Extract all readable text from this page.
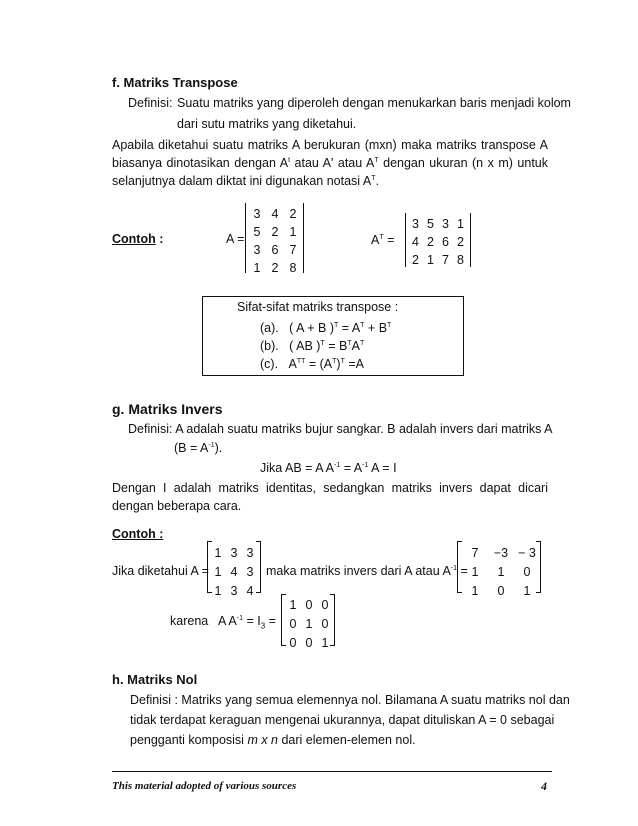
f. Matriks Transpose
Definisi: Suatu matriks yang diperoleh dengan menukarkan baris menjadi kolom
dari sutu matriks yang diketahui.
Apabila diketahui suatu matriks A berukuran (mxn) maka matriks transpose A biasanya dinotasikan dengan $A^t$ atau A' atau $A^T$ dengan ukuran (n x m) untuk selanjutnya dalam diktat ini digunakan notasi $A^T$.
Contoh :	A =
3 4 2
5 2 1
3 6 7
1 2 8
$A^T$ =
3 5 3 1
4 2 6 2
2 1 7 8
Sifat-sifat matriks transpose :
(a). ( A + B )$^T = A^T + B^T$
(b). ( AB )$^T = B^TA^T$
(c). $A^{TT} = (A^T)^T =A$
g. Matriks Invers
Definisi: A adalah suatu matriks bujur sangkar. B adalah invers dari matriks A
$(B = A^{-1})$.
Jika AB = A $A^{-1} = A^{-1}$ A = I
Dengan I adalah matriks identitas, sedangkan matriks invers dapat dicari dengan beberapa cara.
Contoh :
Jika diketahui A =
1 3 3
1 4 3
1 3 4
maka matriks invers dari A atau $A^{-1}$ =
7	−3 − 3
1	1	0
1	0	1
karena A $A^{-1} = I_3$ =
1 0 0
0 1 0
0 0 1
h. Matriks Nol
Definisi : Matriks yang semua elemennya nol. Bilamana A suatu matriks nol dan
tidak terdapat keraguan mengenai ukurannya, dapat dituliskan A = 0 sebagai
pengganti komposisi m x n dari elemen-elemen nol.
This material adopted of various sources	4
